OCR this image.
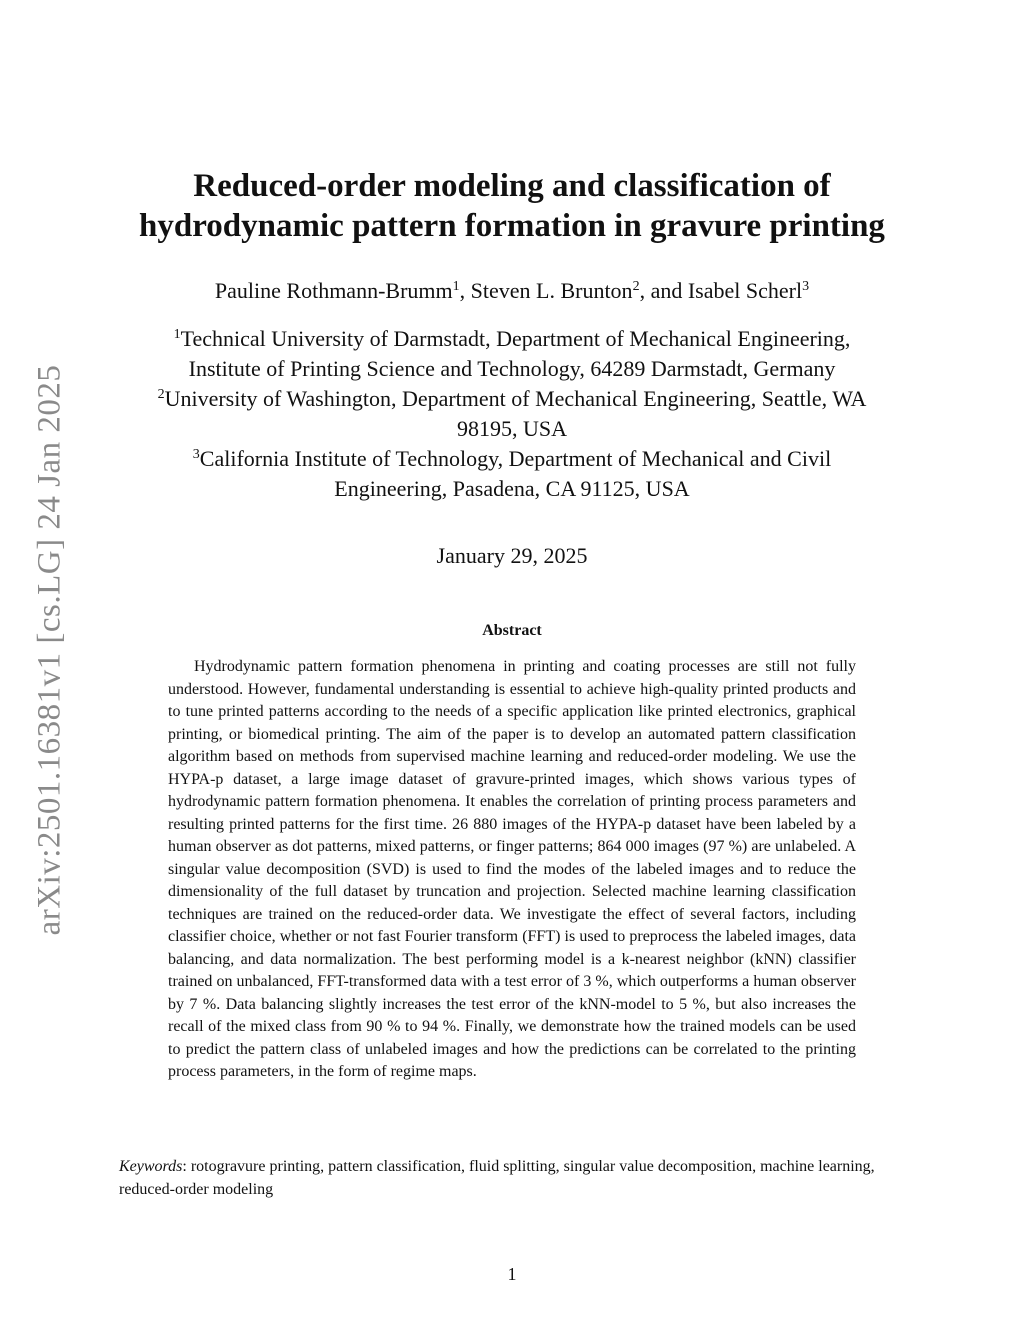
arXiv:2501.16381v1 [cs.LG] 24 Jan 2025
Reduced-order modeling and classification of
hydrodynamic pattern formation in gravure printing
Pauline Rothmann-Brumm$^1$, Steven L. Brunton$^2$, and Isabel Scherl$^3$
$^1$Technical University of Darmstadt, Department of Mechanical Engineering,
Institute of Printing Science and Technology, 64289 Darmstadt, Germany
$^2$University of Washington, Department of Mechanical Engineering, Seattle, WA
98195, USA
$^3$California Institute of Technology, Department of Mechanical and Civil
Engineering, Pasadena, CA 91125, USA
January 29, 2025
Abstract

Hydrodynamic pattern formation phenomena in printing and coating processes are still not fully understood. However, fundamental understanding is essential to achieve high-quality printed products and to tune printed patterns according to the needs of a specific application like printed electronics, graphical printing, or biomedical printing. The aim of the paper is to develop an automated pattern classification algorithm based on methods from supervised machine learning and reduced-order modeling. We use the HYPA-p dataset, a large image dataset of gravure-printed images, which shows various types of hydrodynamic pattern formation phenomena. It enables the correlation of printing process parameters and resulting printed patterns for the first time. 26 880 images of the HYPA-p dataset have been labeled by a human observer as dot patterns, mixed patterns, or finger patterns; 864 000 images (97 %) are unlabeled. A singular value decomposition (SVD) is used to find the modes of the labeled images and to reduce the dimensionality of the full dataset by truncation and projection. Selected machine learning classification techniques are trained on the reduced-order data. We investigate the effect of several factors, including classifier choice, whether or not fast Fourier transform (FFT) is used to preprocess the labeled images, data balancing, and data normalization. The best performing model is a k-nearest neighbor (kNN) classifier trained on unbalanced, FFT-transformed data with a test error of 3 %, which outperforms a human observer by 7 %. Data balancing slightly increases the test error of the kNN-model to 5 %, but also increases the recall of the mixed class from 90 % to 94 %. Finally, we demonstrate how the trained models can be used to predict the pattern class of unlabeled images and how the predictions can be correlated to the printing process parameters, in the form of regime maps.

Keywords: rotogravure printing, pattern classification, fluid splitting, singular value decomposition, machine learning, reduced-order modeling

1
